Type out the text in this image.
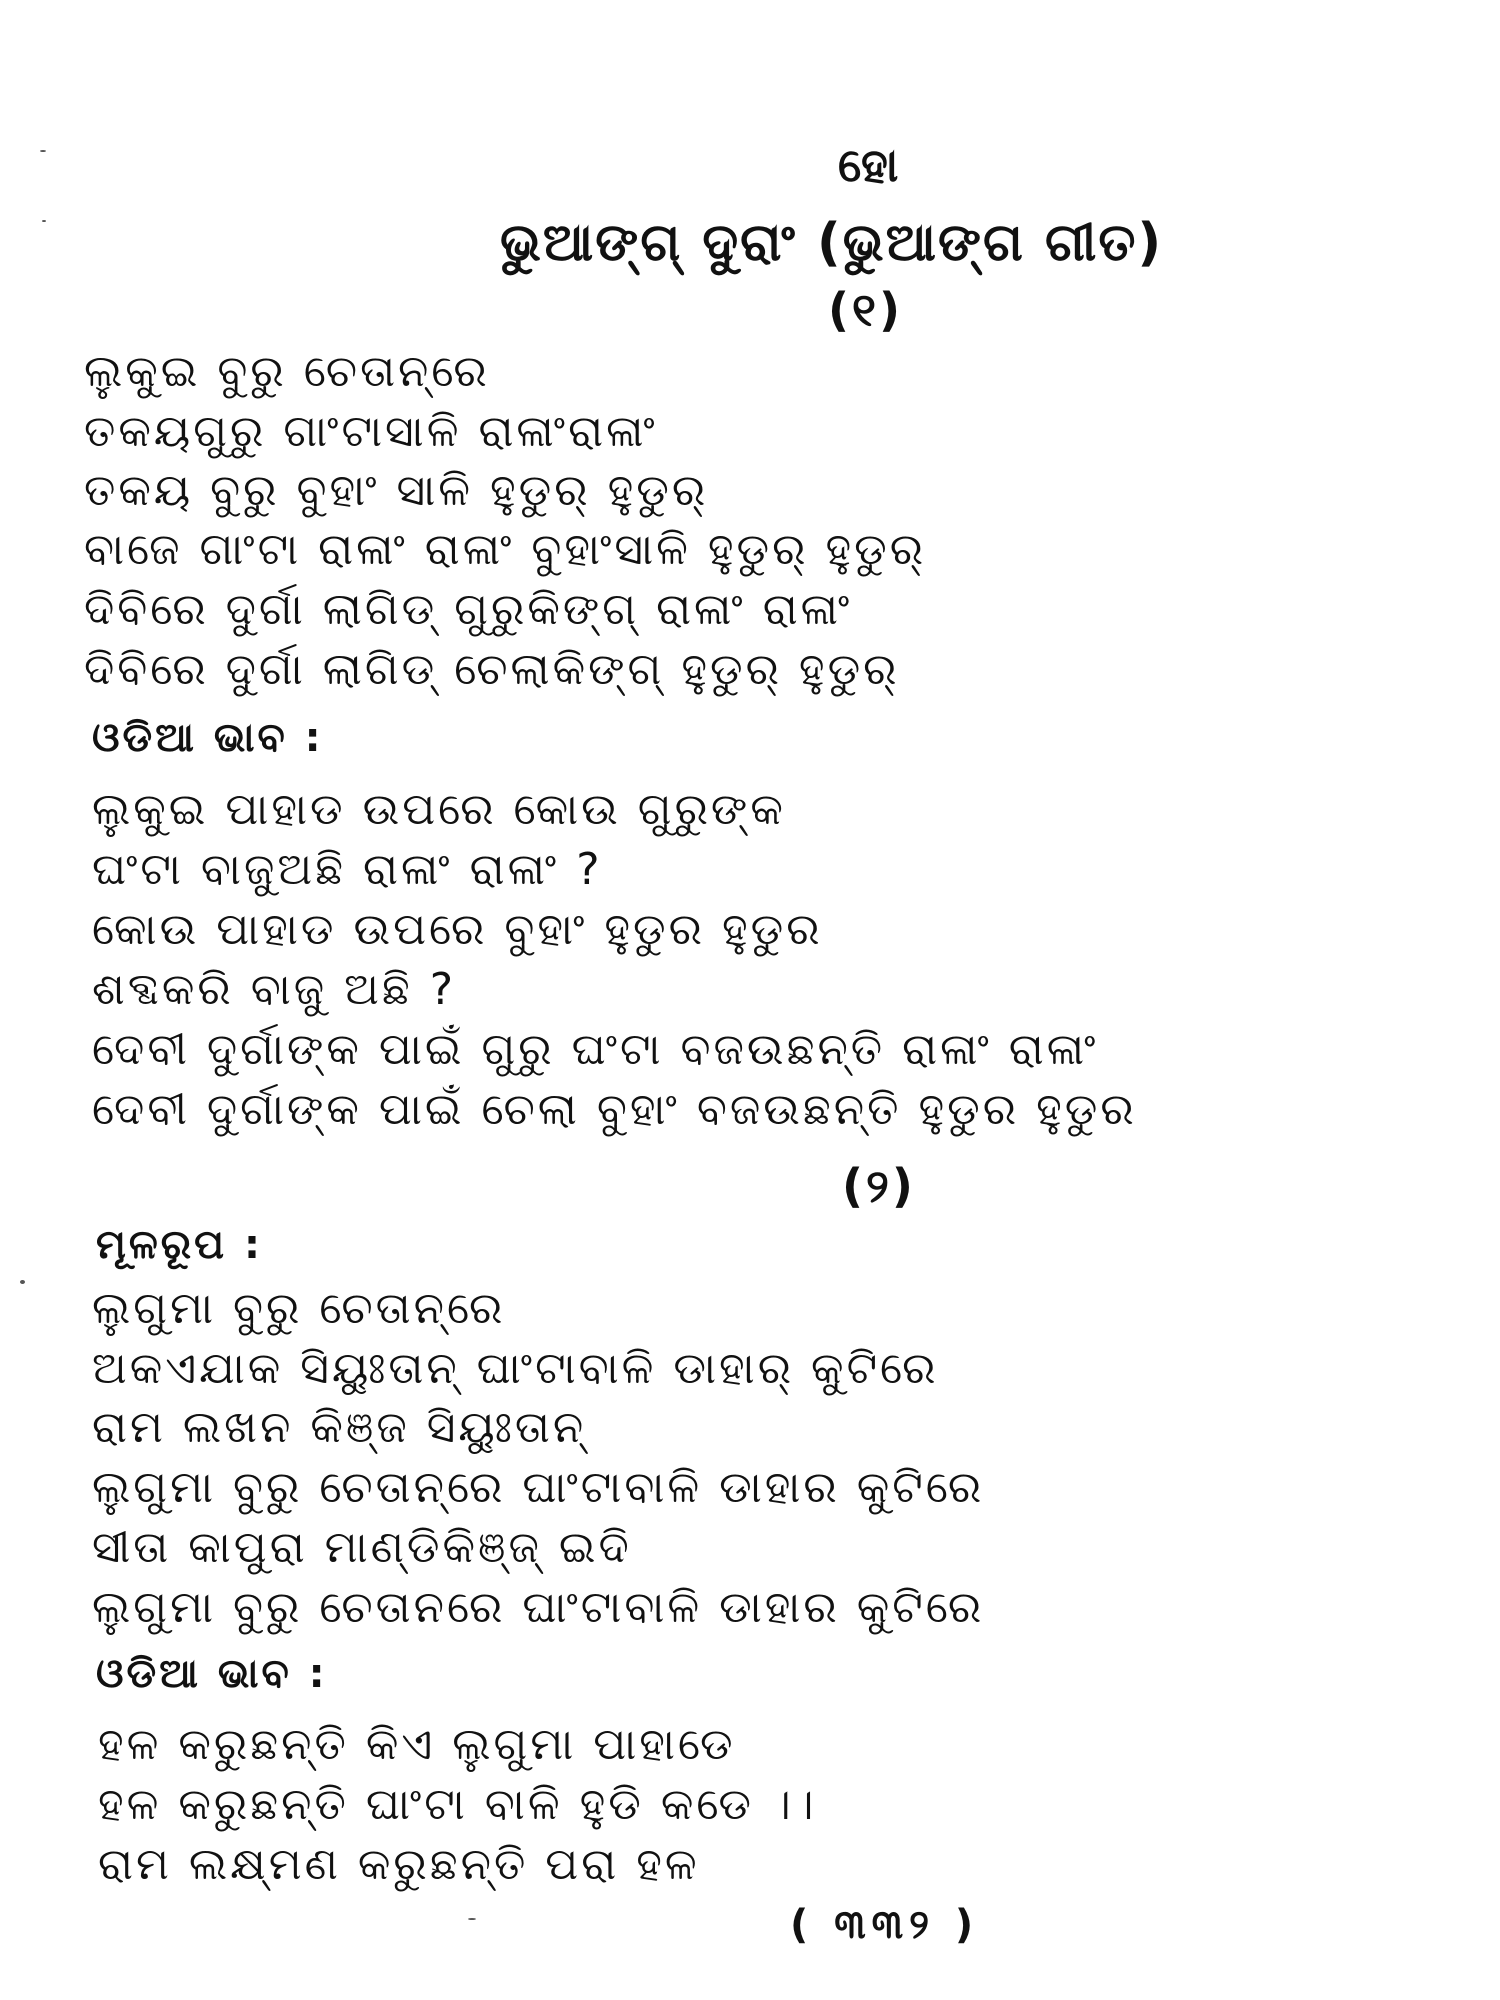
ହୋ
ଭୁଆଙ୍ଗ୍ ଦୁରାଂ (ଭୁଆଙ୍ଗ ଗୀତ)
(୧)
ଲୁକୁଇ ବୁରୁ ଚେତାନ୍‌ରେ
ତକୟଗୁରୁ ଗାଂଟାସାଳି ରାଳାଂରାଳାଂ
ତକୟ ବୁରୁ ବୁହାଂ ସାଳି ହୁଡୁର୍ ହୁଡୁର୍
ବାଜେ ଗାଂଟା ରାଳାଂ ରାଳାଂ ବୁହାଂସାଳି ହୁଡୁର୍ ହୁଡୁର୍
ଦିବିରେ ଦୁର୍ଗା ଲାଗିଡ୍ ଗୁରୁକିଙ୍ଗ୍ ରାଳାଂ ରାଳାଂ
ଦିବିରେ ଦୁର୍ଗା ଲାଗିଡ୍ ଚେଲାକିଙ୍ଗ୍ ହୁଡୁର୍ ହୁଡୁର୍
ଓଡିଆ ଭାବ :
ଲୁକୁଇ ପାହାଡ ଉପରେ କୋଉ ଗୁରୁଙ୍କ
ଘଂଟା ବାଜୁଅଛି ରାଳାଂ ରାଳାଂ ?
କୋଉ ପାହାଡ ଉପରେ ବୁହାଂ ହୁଡୁର ହୁଡୁର
ଶବ୍ଦକରି ବାଜୁ ଅଛି ?
ଦେବୀ ଦୁର୍ଗାଙ୍କ ପାଇଁ ଗୁରୁ ଘଂଟା ବଜଉଛନ୍ତି ରାଳାଂ ରାଳାଂ
ଦେବୀ ଦୁର୍ଗାଙ୍କ ପାଇଁ ଚେଲା ବୁହାଂ ବଜଉଛନ୍ତି ହୁଡୁର ହୁଡୁର
(୨)
ମୂଳରୂପ :
ଲୁଗୁମା ବୁରୁ ଚେତାନ୍‌ରେ
ଅକଏଯାକ ସିୟୁଃତାନ୍ ଘାଂଟାବାଳି ଡାହାର୍ କୁଟିରେ
ରାମ ଲଖନ କିଞ୍ଜ ସିୟୁଃତାନ୍
ଲୁଗୁମା ବୁରୁ ଚେତାନ୍‌ରେ ଘାଂଟାବାଳି ଡାହାର କୁଟିରେ
ସୀତା କାପୁରା ମାଣ୍ଡିକିଞ୍ଜ୍ ଇଦି
ଲୁଗୁମା ବୁରୁ ଚେତାନରେ ଘାଂଟାବାଳି ଡାହାର କୁଟିରେ
ଓଡିଆ ଭାବ :
ହଳ କରୁଛନ୍ତି କିଏ ଲୁଗୁମା ପାହାଡେ
ହଳ କରୁଛନ୍ତି ଘାଂଟା ବାଳି ହୁଡି କଡେ ।।
ରାମ ଲକ୍ଷ୍ମଣ କରୁଛନ୍ତି ପରା ହଳ
( ୩୩୨ )
